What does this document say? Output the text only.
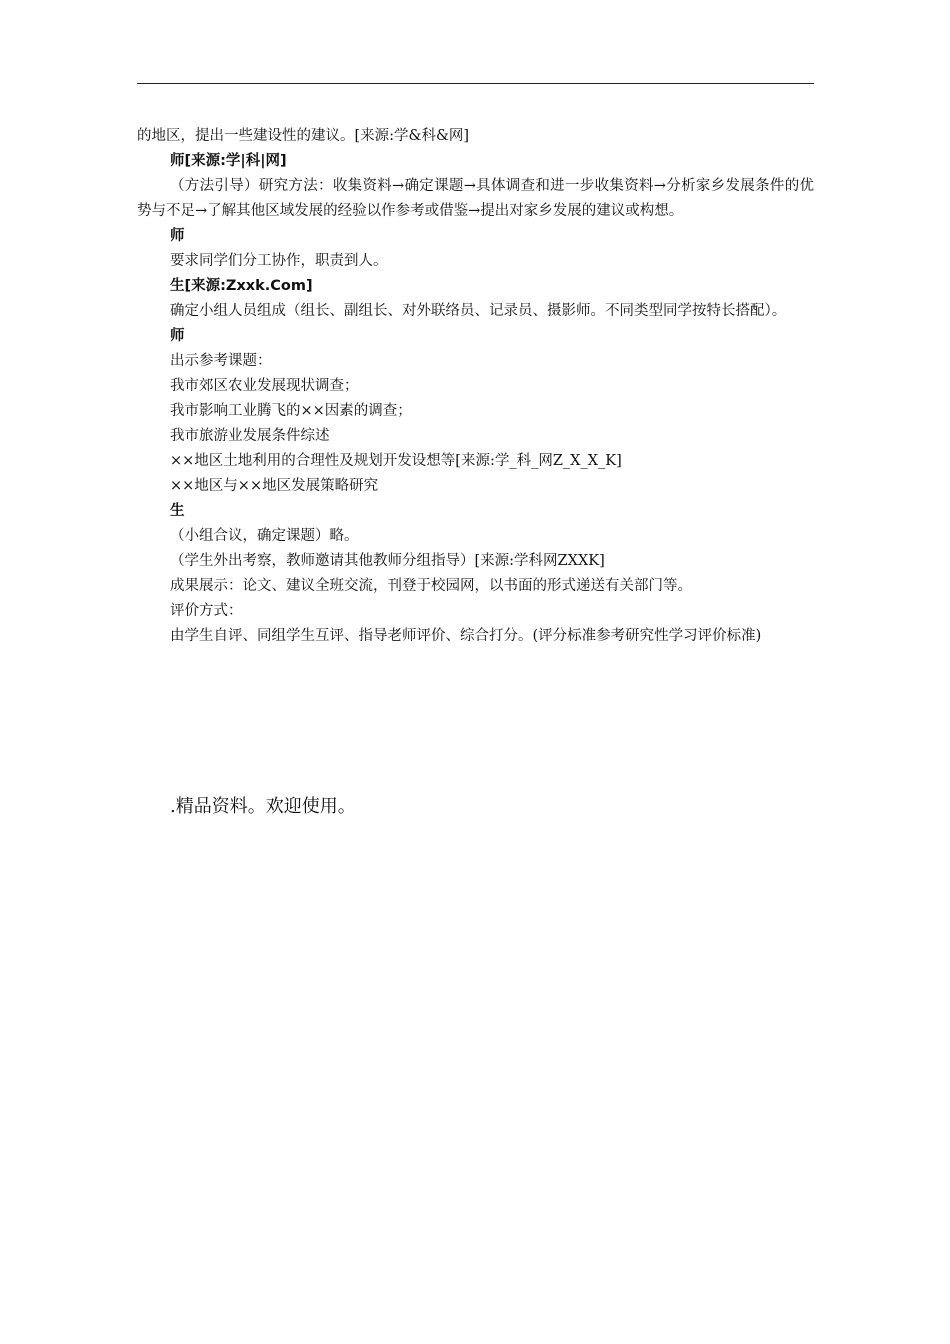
的地区，提出一些建设性的建议。[来源:学&科&网]

师[来源:学|科|网]

（方法引导）研究方法：收集资料→确定课题→具体调查和进一步收集资料→分析家乡发展条件的优势与不足→了解其他区域发展的经验以作参考或借鉴→提出对家乡发展的建议或构想。

师

要求同学们分工协作，职责到人。

生[来源:Zxxk.Com]

确定小组人员组成（组长、副组长、对外联络员、记录员、摄影师。不同类型同学按特长搭配）。

师

出示参考课题：

我市郊区农业发展现状调查；

我市影响工业腾飞的××因素的调查；

我市旅游业发展条件综述

××地区土地利用的合理性及规划开发设想等[来源:学_科_网Z_X_X_K]

××地区与××地区发展策略研究

生

（小组合议，确定课题）略。

（学生外出考察，教师邀请其他教师分组指导）[来源:学科网ZXXK]

成果展示：论文、建议全班交流，刊登于校园网，以书面的形式递送有关部门等。

评价方式：

由学生自评、同组学生互评、指导老师评价、综合打分。(评分标准参考研究性学习评价标准)

.精品资料。欢迎使用。
